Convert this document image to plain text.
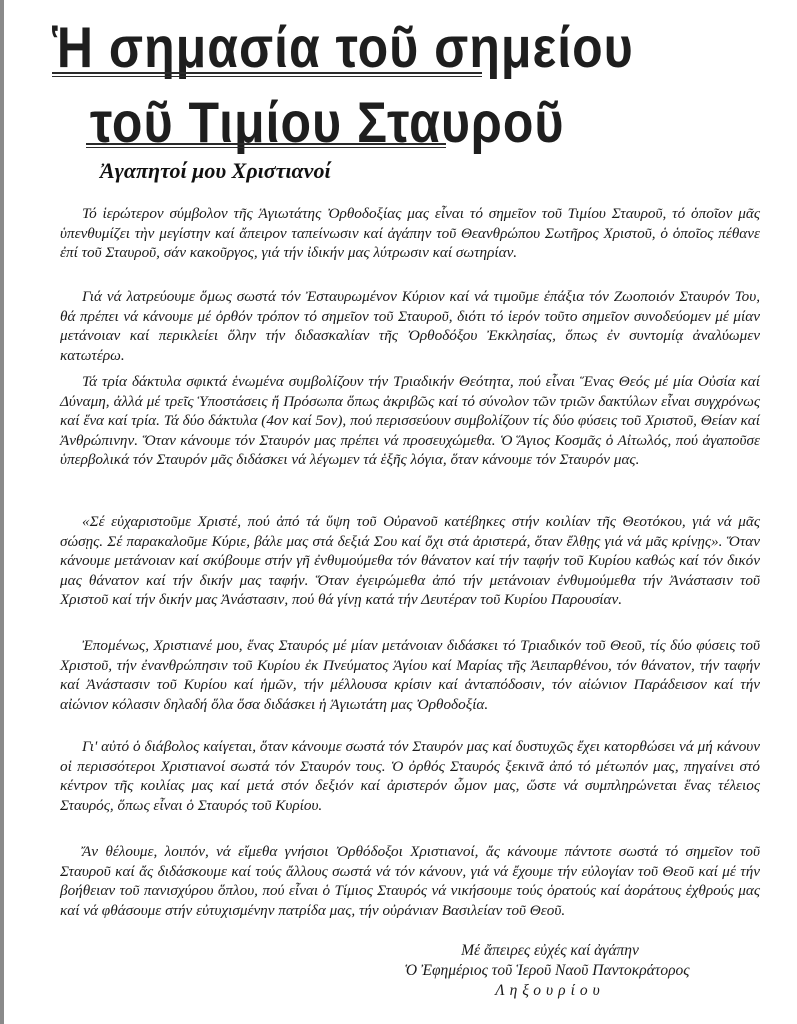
Ἡ σημασία τοῦ σημείου
τοῦ Τιμίου Σταυροῦ
Ἀγαπητοί μου Χριστιανοί

Τό ἱερώτερον σύμβολον τῆς Ἁγιωτάτης Ὀρθοδοξίας μας εἶναι τό σημεῖον τοῦ Τιμίου Σταυροῦ, τό ὁποῖον μᾶς ὑπενθυμίζει τὴν μεγίστην καί ἄπειρον ταπείνωσιν καί ἀγάπην τοῦ Θεανθρώπου Σωτῆρος Χριστοῦ, ὁ ὁποῖος πέθανε ἐπί τοῦ Σταυροῦ, σάν κακοῦργος, γιά τήν ἰδικήν μας λύτρωσιν καί σωτηρίαν.

Γιά νά λατρεύουμε ὅμως σωστά τόν Ἐσταυρωμένον Κύριον καί νά τιμοῦμε ἐπάξια τόν Ζωοποιόν Σταυρόν Του, θά πρέπει νά κάνουμε μέ ὀρθόν τρόπον τό σημεῖον τοῦ Σταυροῦ, διότι τό ἱερόν τοῦτο σημεῖον συνοδεύομεν μέ μίαν μετάνοιαν καί περικλείει ὅλην τήν διδασκαλίαν τῆς Ὀρθοδόξου Ἐκκλησίας, ὅπως ἐν συντομίᾳ ἀναλύωμεν κατωτέρω.

Τά τρία δάκτυλα σφικτά ἑνωμένα συμβολίζουν τήν Τριαδικήν Θεότητα, πού εἶναι Ἕνας Θεός μέ μία Οὐσία καί Δύναμη, ἀλλά μέ τρεῖς Ὑποστάσεις ἤ Πρόσωπα ὅπως ἀκριβῶς καί τό σύνολον τῶν τριῶν δακτύλων εἶναι συγχρόνως καί ἕνα καί τρία. Τά δύο δάκτυλα (4ον καί 5ον), πού περισσεύουν συμβολίζουν τίς δύο φύσεις τοῦ Χριστοῦ, Θείαν καί Ἀνθρώπινην. Ὅταν κάνουμε τόν Σταυρόν μας πρέπει νά προσευχώμεθα. Ὁ Ἅγιος Κοσμᾶς ὁ Αἰτωλός, πού ἀγαποῦσε ὑπερβολικά τόν Σταυρόν μᾶς διδάσκει νά λέγωμεν τά ἑξῆς λόγια, ὅταν κάνουμε τόν Σταυρόν μας.

«Σέ εὐχαριστοῦμε Χριστέ, πού ἀπό τά ὕψη τοῦ Οὐρανοῦ κατέβηκες στήν κοιλίαν τῆς Θεοτόκου, γιά νά μᾶς σώσῃς. Σέ παρακαλοῦμε Κύριε, βάλε μας στά δεξιά Σου καί ὄχι στά ἀριστερά, ὅταν ἔλθῃς γιά νά μᾶς κρίνῃς». Ὅταν κάνουμε μετάνοιαν καί σκύβουμε στήν γῆ ἐνθυμούμεθα τόν θάνατον καί τήν ταφήν τοῦ Κυρίου καθώς καί τόν δικόν μας θάνατον καί τήν δικήν μας ταφήν. Ὅταν ἐγειρώμεθα ἀπό τήν μετάνοιαν ἐνθυμούμεθα τήν Ἀνάστασιν τοῦ Χριστοῦ καί τήν δικήν μας Ἀνάστασιν, πού θά γίνῃ κατά τήν Δευτέραν τοῦ Κυρίου Παρουσίαν.

Ἐπομένως, Χριστιανέ μου, ἕνας Σταυρός μέ μίαν μετάνοιαν διδάσκει τό Τριαδικόν τοῦ Θεοῦ, τίς δύο φύσεις τοῦ Χριστοῦ, τήν ἐνανθρώπησιν τοῦ Κυρίου ἐκ Πνεύματος Ἁγίου καί Μαρίας τῆς Ἀειπαρθένου, τόν θάνατον, τήν ταφήν καί Ἀνάστασιν τοῦ Κυρίου καί ἡμῶν, τήν μέλλουσα κρίσιν καί ἀνταπόδοσιν, τόν αἰώνιον Παράδεισον καί τήν αἰώνιον κόλασιν δηλαδή ὅλα ὅσα διδάσκει ἡ Ἁγιωτάτη μας Ὀρθοδοξία.

Γι' αὐτό ὁ διάβολος καίγεται, ὅταν κάνουμε σωστά τόν Σταυρόν μας καί δυστυχῶς ἔχει κατορθώσει νά μή κάνουν οἱ περισσότεροι Χριστιανοί σωστά τόν Σταυρόν τους. Ὁ ὀρθός Σταυρός ξεκινᾶ ἀπό τό μέτωπόν μας, πηγαίνει στό κέντρον τῆς κοιλίας μας καί μετά στόν δεξιόν καί ἀριστερόν ὦμον μας, ὥστε νά συμπληρώνεται ἕνας τέλειος Σταυρός, ὅπως εἶναι ὁ Σταυρός τοῦ Κυρίου.

Ἄν θέλουμε, λοιπόν, νά εἴμεθα γνήσιοι Ὀρθόδοξοι Χριστιανοί, ἄς κάνουμε πάντοτε σωστά τό σημεῖον τοῦ Σταυροῦ καί ἄς διδάσκουμε καί τούς ἄλλους σωστά νά τόν κάνουν, γιά νά ἔχουμε τήν εὐλογίαν τοῦ Θεοῦ καί μέ τήν βοήθειαν τοῦ πανισχύρου ὅπλου, πού εἶναι ὁ Τίμιος Σταυρός νά νικήσουμε τούς ὁρατούς καί ἀοράτους ἐχθρούς μας καί νά φθάσουμε στήν εὐτυχισμένην πατρίδα μας, τήν οὐράνιαν Βασιλείαν τοῦ Θεοῦ.

Μέ ἄπειρες εὐχές καί ἀγάπην
Ὁ Ἐφημέριος τοῦ Ἱεροῦ Ναοῦ Παντοκράτορος
Ληξουρίου
